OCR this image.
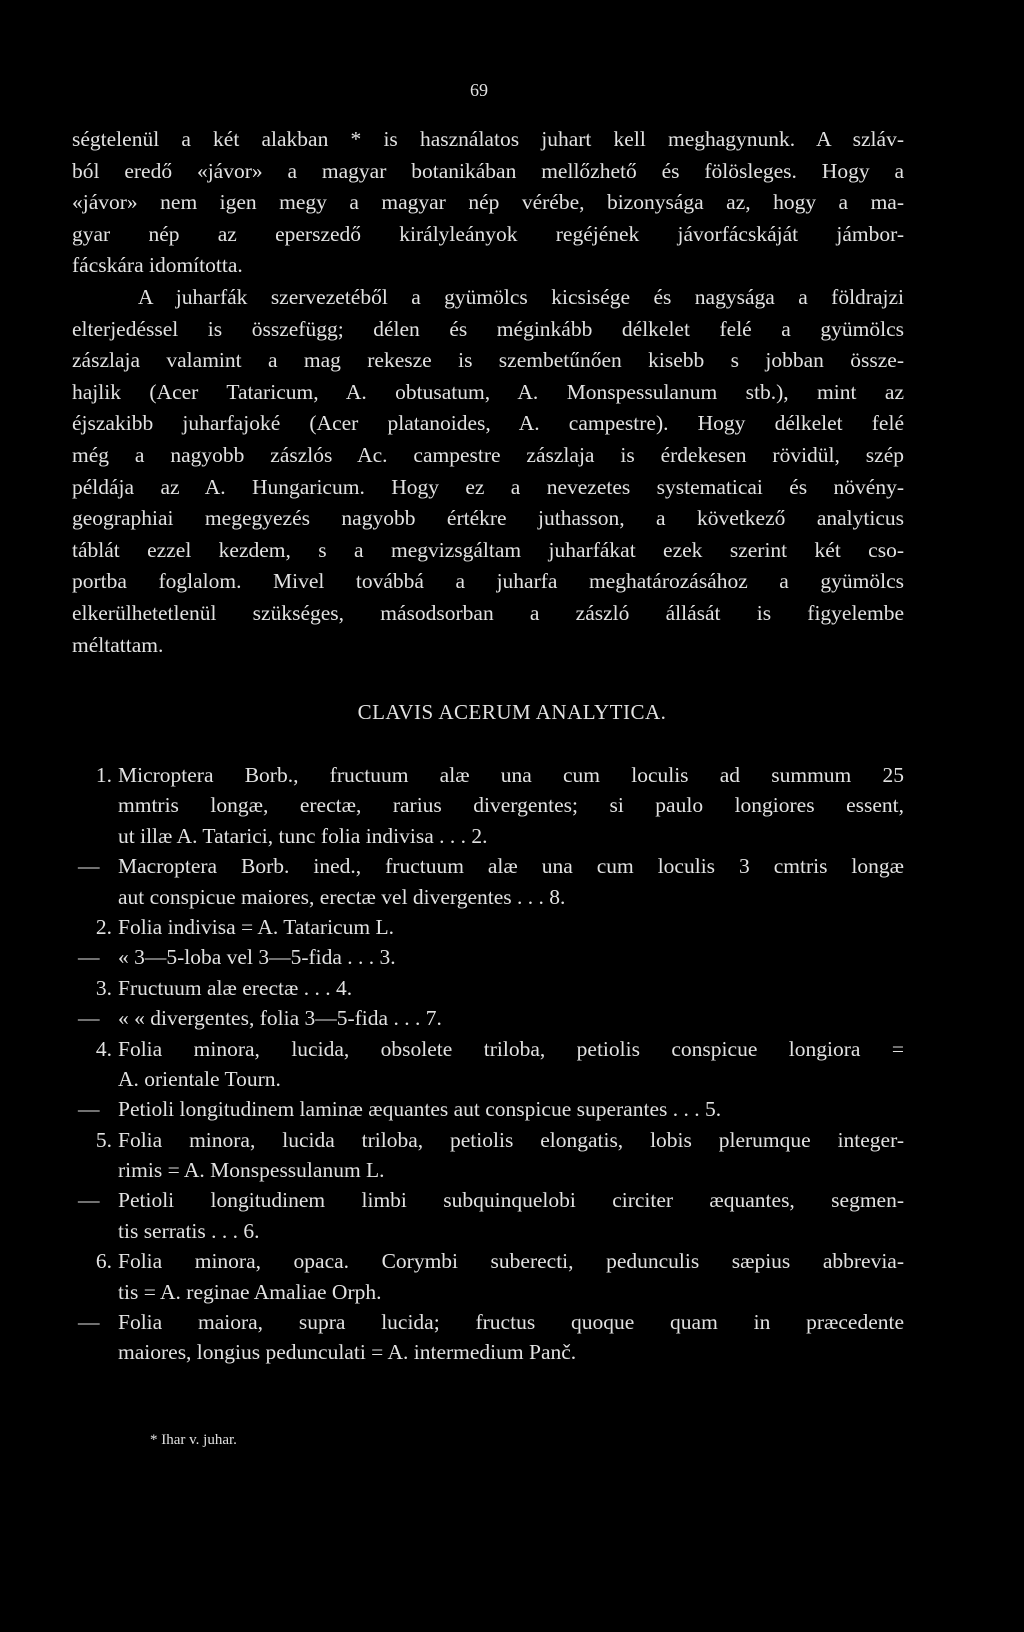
69
ségtelenül a két alakban * is használatos juhart kell meghagynunk. A szláv-
ból eredő «jávor» a magyar botanikában mellőzhető és fölösleges. Hogy a
«jávor» nem igen megy a magyar nép vérébe, bizonysága az, hogy a ma-
gyar nép az eperszedő királyleányok regéjének jávorfácskáját jámbor-
fácskára idomította.
A juharfák szervezetéből a gyümölcs kicsisége és nagysága a földrajzi
elterjedéssel is összefügg; délen és méginkább délkelet felé a gyümölcs
zászlaja valamint a mag rekesze is szembetűnően kisebb s jobban össze-
hajlik (Acer Tataricum, A. obtusatum, A. Monspessulanum stb.), mint az
éjszakibb juharfajoké (Acer platanoides, A. campestre). Hogy délkelet felé
még a nagyobb zászlós Ac. campestre zászlaja is érdekesen rövidül, szép
példája az A. Hungaricum. Hogy ez a nevezetes systematicai és növény-
geographiai megegyezés nagyobb értékre juthasson, a következő analyticus
táblát ezzel kezdem, s a megvizsgáltam juharfákat ezek szerint két cso-
portba foglalom. Mivel továbbá a juharfa meghatározásához a gyümölcs
elkerülhetetlenül szükséges, másodsorban a zászló állását is figyelembe
méltattam.
CLAVIS ACERUM ANALYTICA.
1. Microptera Borb., fructuum alæ una cum loculis ad summum 25
mmtris longæ, erectæ, rarius divergentes; si paulo longiores essent,
ut illæ A. Tatarici, tunc folia indivisa . . . 2.
— Macroptera Borb. ined., fructuum alæ una cum loculis 3 cmtris longæ
aut conspicue maiores, erectæ vel divergentes . . . 8.
2. Folia indivisa = A. Tataricum L.
— « 3—5-loba vel 3—5-fida . . . 3.
3. Fructuum alæ erectæ . . . 4.
— « « divergentes, folia 3—5-fida . . . 7.
4. Folia minora, lucida, obsolete triloba, petiolis conspicue longiora =
A. orientale Tourn.
— Petioli longitudinem laminæ æquantes aut conspicue superantes . . . 5.
5. Folia minora, lucida triloba, petiolis elongatis, lobis plerumque integer-
rimis = A. Monspessulanum L.
— Petioli longitudinem limbi subquinquelobi circiter æquantes, segmen-
tis serratis . . . 6.
6. Folia minora, opaca. Corymbi suberecti, pedunculis sæpius abbrevia-
tis = A. reginae Amaliae Orph.
— Folia maiora, supra lucida; fructus quoque quam in præcedente
maiores, longius pedunculati = A. intermedium Panč.
* Ihar v. juhar.
